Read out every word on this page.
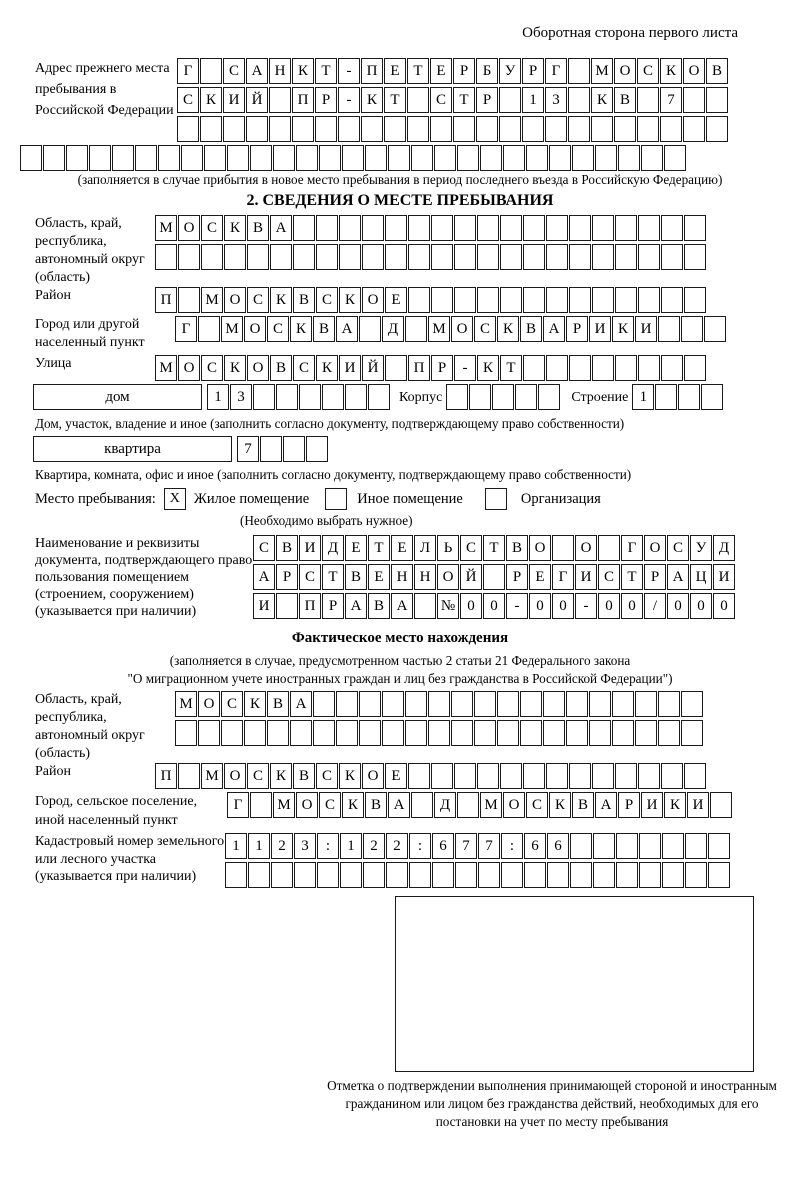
Оборотная сторона первого листа
Адрес прежнего места пребывания в Российской Федерации
Г	С А Н К Т	-	П Е Т Е Р Б У Р Г	М О С К О В
С К И Й	П Р	-	К Т	С Т Р	1	3	К В	7
(заполняется в случае прибытия в новое место пребывания в период последнего въезда в Российскую Федерацию)
2. СВЕДЕНИЯ О МЕСТЕ ПРЕБЫВАНИЯ
Область, край, республика, автономный округ (область)
М О С К В А
Район	П	М О С К В С К О Е
Город или другой населенный пункт
Г	М О С К В А	Д	М О С К В А Р И К И
Улица	М О С К О В С К И Й	П Р	-	К Т
дом	1	3	Корпус	Строение 1
Дом, участок, владение и иное (заполнить согласно документу, подтверждающему право собственности)
квартира	7
Квартира, комната, офис и иное (заполнить согласно документу, подтверждающему право собственности)
Место пребывания: X Жилое помещение	Иное помещение	Организация
(Необходимо выбрать нужное)
Наименование и реквизиты документа, подтверждающего право пользования помещением (строением, сооружением) (указывается при наличии)
С В И Д Е Т Е Л Ь С Т В О	О	Г О С У Д
А Р С Т В Е Н Н О Й	Р Е Г И С Т Р А Ц И
И	П Р А В А	№ 0	0	-	0	0	-	0	0	/	0	0	0
Фактическое место нахождения
(заполняется в случае, предусмотренном частью 2 статьи 21 Федерального закона
"О миграционном учете иностранных граждан и лиц без гражданства в Российской Федерации")
Область, край, республика, автономный округ (область)
М О С К В А
Район	П	М О С К В С К О Е
Город, сельское поселение, иной населенный пункт
Г	М О С К В А	Д	М О С К В А Р И К И
Кадастровый номер земельного или лесного участка (указывается при наличии)
1	1	2	3	:	1	2	2	:	6	7	7	:	6	6
Отметка о подтверждении выполнения принимающей стороной и иностранным гражданином или лицом без гражданства действий, необходимых для его постановки на учет по месту пребывания
